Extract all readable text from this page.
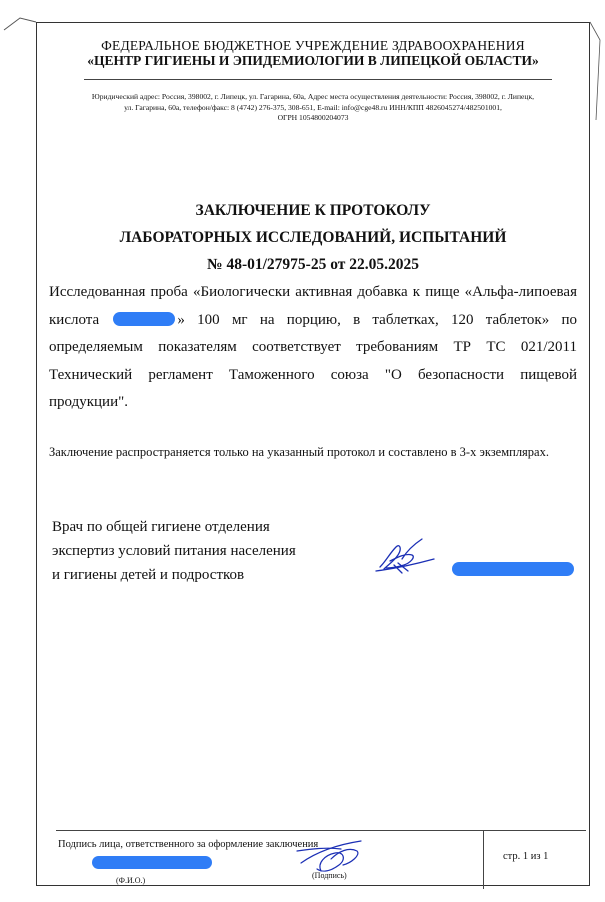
ФЕДЕРАЛЬНОЕ БЮДЖЕТНОЕ УЧРЕЖДЕНИЕ ЗДРАВООХРАНЕНИЯ
«ЦЕНТР ГИГИЕНЫ И ЭПИДЕМИОЛОГИИ В ЛИПЕЦКОЙ ОБЛАСТИ»
Юридический адрес: Россия, 398002, г. Липецк, ул. Гагарина, 60а, Адрес места осуществления деятельности: Россия, 398002, г. Липецк,
ул. Гагарина, 60а, телефон/факс: 8 (4742) 276-375, 308-651, E-mail: info@cge48.ru ИНН/КПП 4826045274/482501001,
ОГРН 1054800204073
ЗАКЛЮЧЕНИЕ К ПРОТОКОЛУ
ЛАБОРАТОРНЫХ ИССЛЕДОВАНИЙ, ИСПЫТАНИЙ
№ 48-01/27975-25 от 22.05.2025
Исследованная проба «Биологически активная добавка к пище «Альфа-липоевая кислота	» 100 мг на порцию, в таблетках, 120 таблеток» по определяемым показателям соответствует требованиям ТР ТС 021/2011 Технический регламент Таможенного союза "О безопасности пищевой продукции".
Заключение распространяется только на указанный протокол и составлено в 3-х экземплярах.
Врач по общей гигиене отделения
экспертиз условий питания населения
и гигиены детей и подростков
Подпись лица, ответственного за оформление заключения
(Ф.И.О.)
(Подпись)
стр. 1 из 1
